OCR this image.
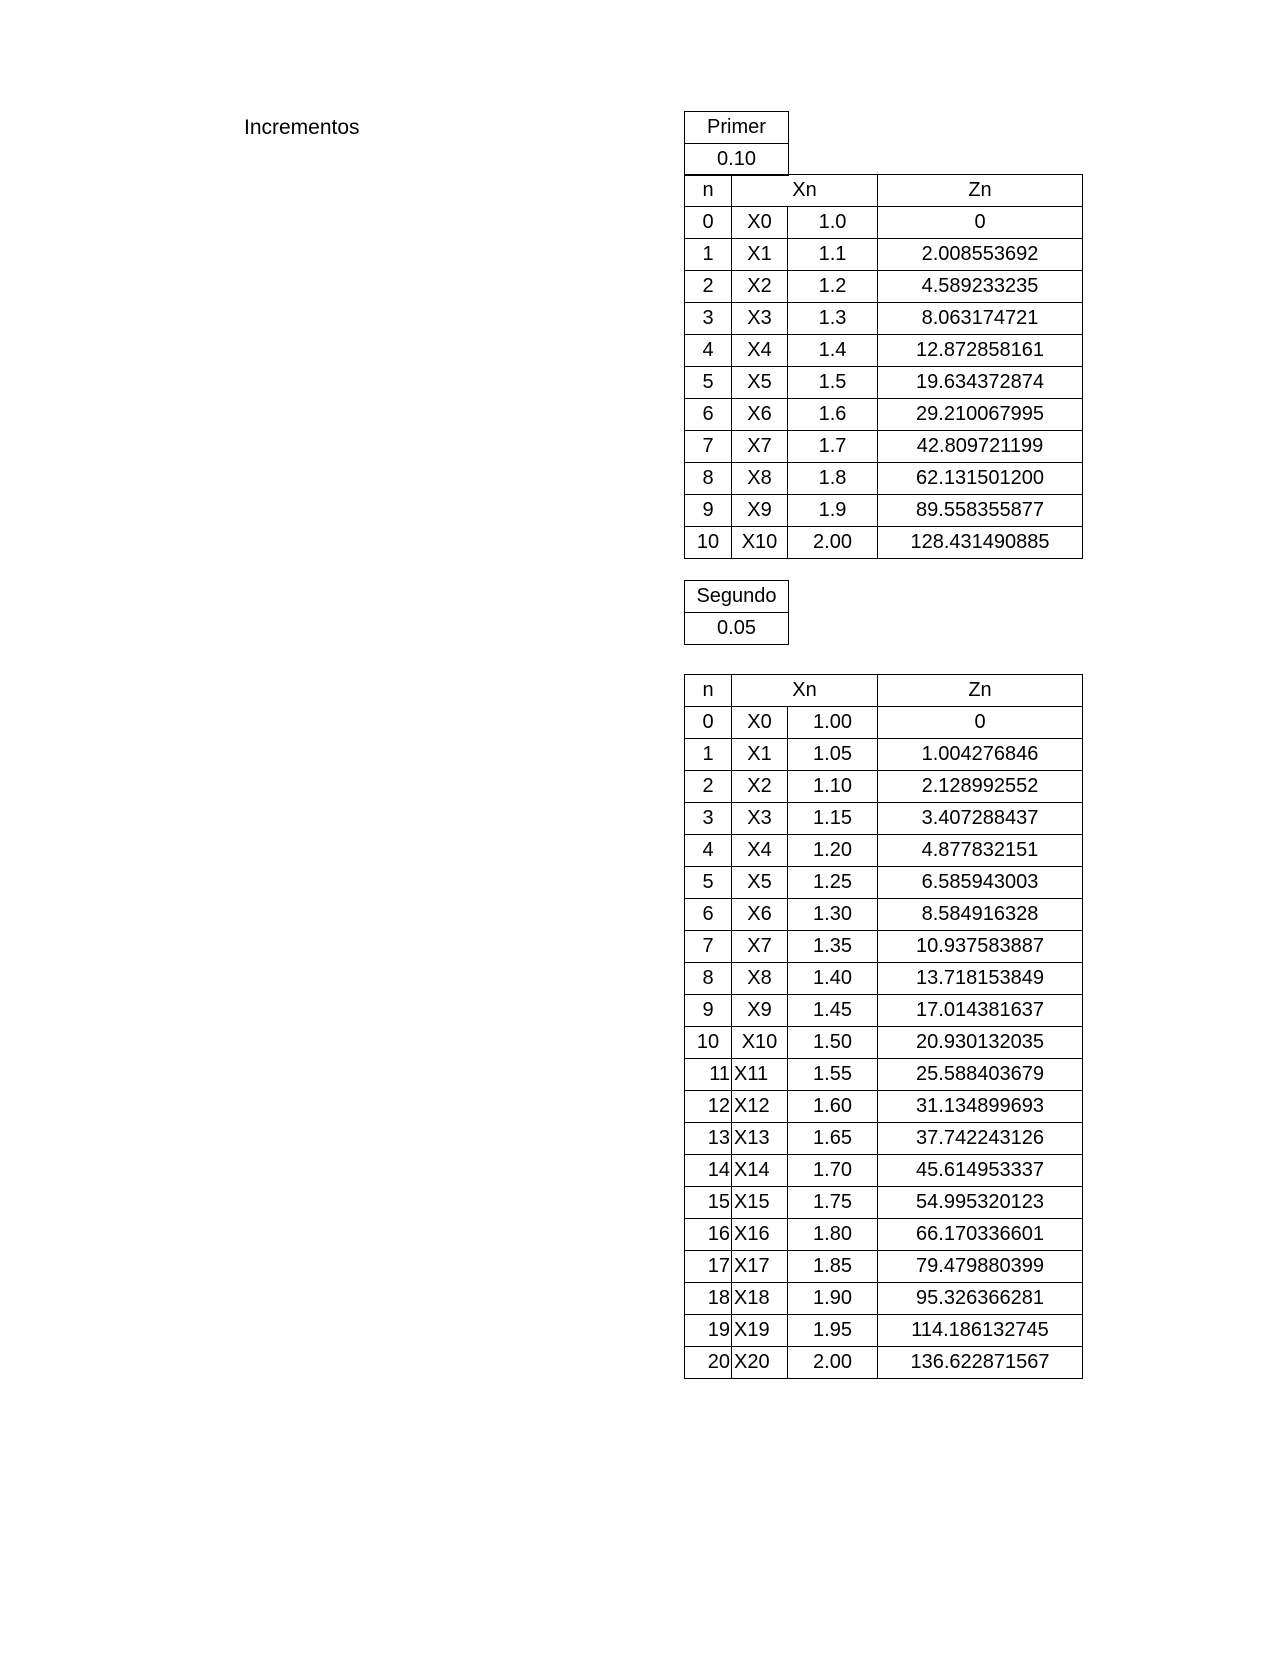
Incrementos	Primer
0.10
n	Xn		Zn
0	X0	1.0	0
1	X1	1.1	2.008553692
2	X2	1.2	4.589233235
3	X3	1.3	8.063174721
4	X4	1.4	12.872858161
5	X5	1.5	19.634372874
6	X6	1.6	29.210067995
7	X7	1.7	42.809721199
8	X8	1.8	62.131501200
9	X9	1.9	89.558355877
10	X10	2.00	128.431490885
Segundo
0.05
n	Xn		Zn
0	X0	1.00	0
1	X1	1.05	1.004276846
2	X2	1.10	2.128992552
3	X3	1.15	3.407288437
4	X4	1.20	4.877832151
5	X5	1.25	6.585943003
6	X6	1.30	8.584916328
7	X7	1.35	10.937583887
8	X8	1.40	13.718153849
9	X9	1.45	17.014381637
10	X10	1.50	20.930132035
11	X11	1.55	25.588403679
12	X12	1.60	31.134899693
13	X13	1.65	37.742243126
14	X14	1.70	45.614953337
15	X15	1.75	54.995320123
16	X16	1.80	66.170336601
17	X17	1.85	79.479880399
18	X18	1.90	95.326366281
19	X19	1.95	114.186132745
20	X20	2.00	136.622871567
